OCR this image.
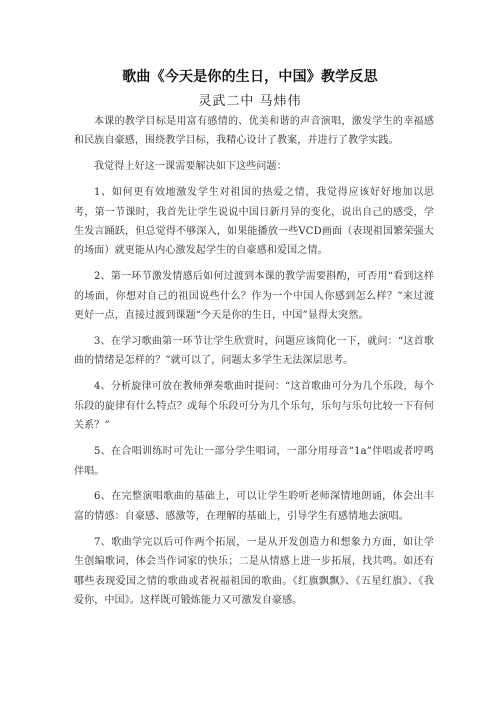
歌曲《今天是你的生日，中国》教学反思
灵武二中 马炜伟

本课的教学目标是用富有感情的、优美和谐的声音演唱，激发学生的幸福感和民族自豪感，围绕教学目标，我精心设计了教案，并进行了教学实践。

我觉得上好这一课需要解决如下这些问题：

1、如何更有效地激发学生对祖国的热爱之情，我觉得应该好好地加以思考，第一节课时，我首先让学生说说中国日新月异的变化，说出自己的感受，学生发言踊跃，但总觉得不够深入，如果能播放一些VCD画面（表现祖国繁荣强大的场面）就更能从内心激发起学生的自豪感和爱国之情。

2、第一环节激发情感后如何过渡到本课的教学需要斟酌，可否用“看到这样的场面，你想对自己的祖国说些什么？作为一个中国人你感到怎么样？”来过渡更好一点，直接过渡到课题“今天是你的生日，中国”显得太突然。

3、在学习歌曲第一环节让学生欣赏时，问题应该简化一下，就问：“这首歌曲的情绪是怎样的？”就可以了，问题太多学生无法深层思考。

4、分析旋律可放在教师弹奏歌曲时提问：“这首歌曲可分为几个乐段，每个乐段的旋律有什么特点？或每个乐段可分为几个乐句，乐句与乐句比较一下有何关系？”

5、在合唱训练时可先让一部分学生唱词，一部分用母音“1a”伴唱或者哼鸣伴唱。

6、在完整演唱歌曲的基础上，可以让学生聆听老师深情地朗诵，体会出丰富的情感：自豪感、感激等，在理解的基础上，引导学生有感情地去演唱。

7、歌曲学完以后可作两个拓展，一是从开发创造力和想象力方面，如让学生创编歌词，体会当作词家的快乐；二是从情感上进一步拓展，找共鸣。如还有哪些表现爱国之情的歌曲或者祝福祖国的歌曲。《红旗飘飘》、《五星红旗》、《我爱你，中国》。这样既可锻炼能力又可激发自豪感。
